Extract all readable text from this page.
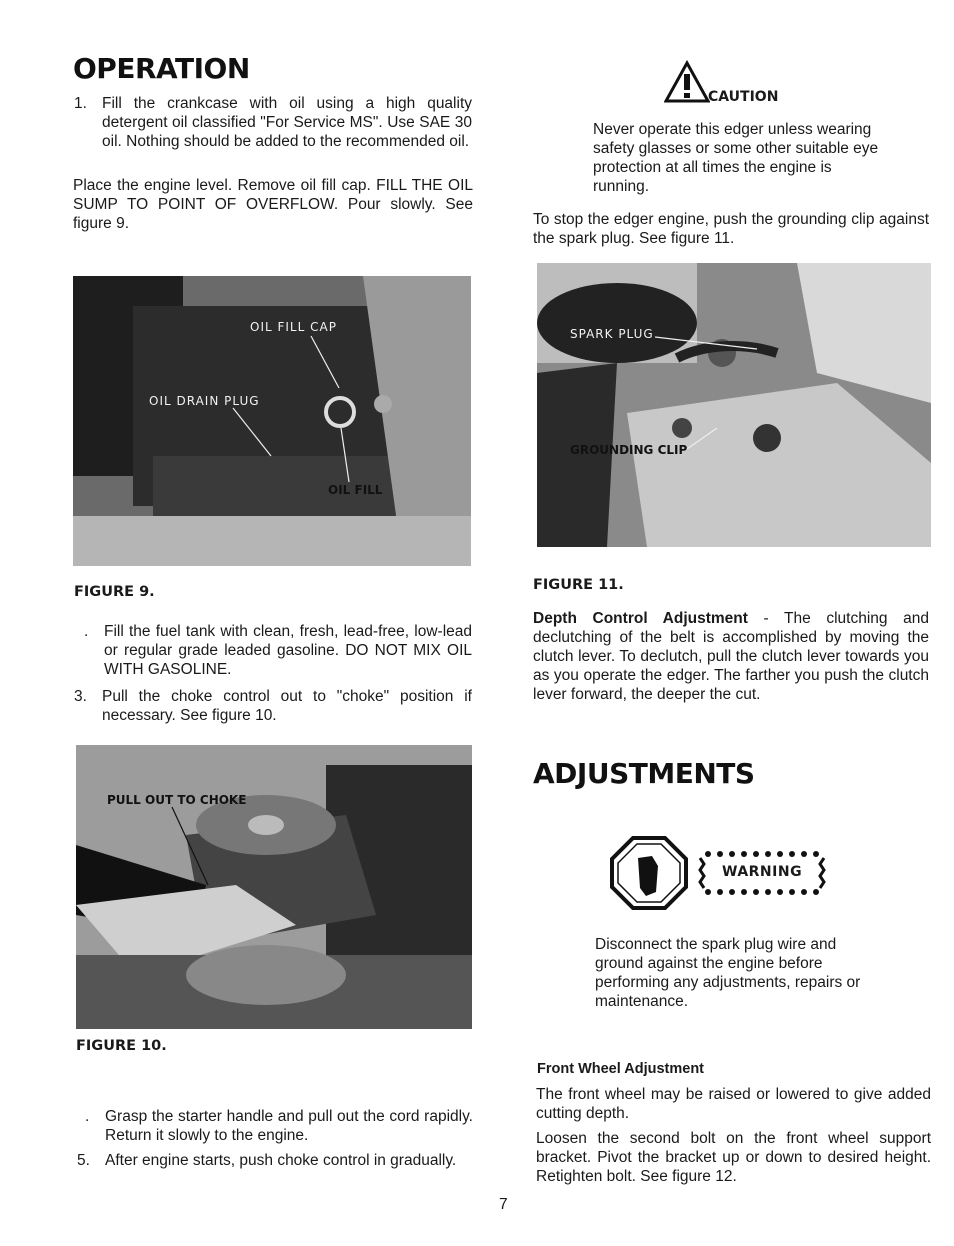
OPERATION
1. Fill the crankcase with oil using a high quality detergent oil classified "For Service MS". Use SAE 30 oil. Nothing should be added to the recommended oil.
Place the engine level. Remove oil fill cap. FILL THE OIL SUMP TO POINT OF OVERFLOW. Pour slowly. See figure 9.
OIL FILL CAP
OIL DRAIN PLUG
OIL FILL
FIGURE 9.
. Fill the fuel tank with clean, fresh, lead-free, low-lead or regular grade leaded gasoline. DO NOT MIX OIL WITH GASOLINE.
3. Pull the choke control out to "choke" position if necessary. See figure 10.
PULL OUT TO CHOKE
FIGURE 10.
. Grasp the starter handle and pull out the cord rapidly. Return it slowly to the engine.
5. After engine starts, push choke control in gradually.
CAUTION
Never operate this edger unless wearing safety glasses or some other suitable eye protection at all times the engine is running.
To stop the edger engine, push the grounding clip against the spark plug. See figure 11.
SPARK PLUG
GROUNDING CLIP
FIGURE 11.
Depth Control Adjustment - The clutching and declutching of the belt is accomplished by moving the clutch lever. To declutch, pull the clutch lever towards you as you operate the edger. The farther you push the clutch lever forward, the deeper the cut.
ADJUSTMENTS
WARNING
Disconnect the spark plug wire and ground against the engine before performing any adjustments, repairs or maintenance.
Front Wheel Adjustment
The front wheel may be raised or lowered to give added cutting depth.
Loosen the second bolt on the front wheel support bracket. Pivot the bracket up or down to desired height. Retighten bolt. See figure 12.
7
